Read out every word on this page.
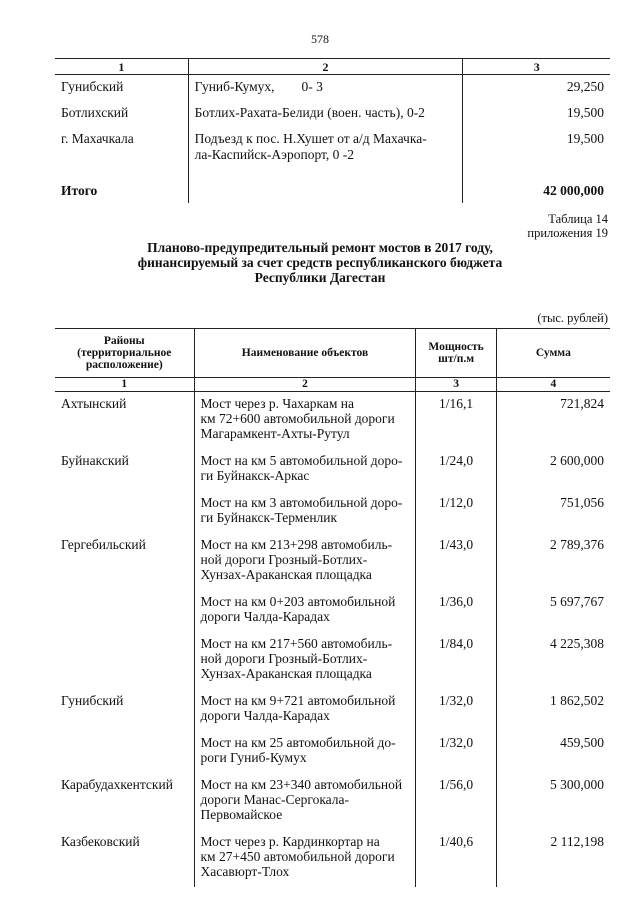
578
1	2	3
Гунибский	Гуниб-Кумух,        0- 3	29,250
Ботлихский	Ботлих-Рахата-Белиди (воен. часть), 0-2	19,500
г. Махачкала	Подъезд к пос. Н.Хушет от а/д Махачка-
ла-Каспийск-Аэропорт, 0 -2	19,500
Итого		42 000,000
Таблица 14
приложения 19
Планово-предупредительный ремонт мостов в 2017 году,
финансируемый за счет средств республиканского бюджета
Республики Дагестан
(тыс. рублей)
Районы
(территориальное
расположение)	Наименование объектов	Мощность
шт/п.м	Сумма
1	2	3	4
Ахтынский	Мост через р. Чахаркам на
км 72+600 автомобильной дороги
Магарамкент-Ахты-Рутул	1/16,1	721,824
Буйнакский	Мост на км 5 автомобильной доро-
ги Буйнакск-Аркас	1/24,0	2 600,000
	Мост на км 3 автомобильной доро-
ги Буйнакск-Терменлик	1/12,0	751,056
Гергебильский	Мост на км 213+298 автомобиль-
ной дороги Грозный-Ботлих-
Хунзах-Араканская площадка	1/43,0	2 789,376
	Мост на км 0+203 автомобильной
дороги Чалда-Карадах	1/36,0	5 697,767
	Мост на км 217+560 автомобиль-
ной дороги Грозный-Ботлих-
Хунзах-Араканская площадка	1/84,0	4 225,308
Гунибский	Мост на км 9+721 автомобильной
дороги Чалда-Карадах	1/32,0	1 862,502
	Мост на км 25 автомобильной до-
роги Гуниб-Кумух	1/32,0	459,500
Карабудахкентский	Мост на км 23+340 автомобильной
дороги Манас-Сергокала-
Первомайское	1/56,0	5 300,000
Казбековский	Мост через р. Кардинкортар на
км 27+450 автомобильной дороги
Хасавюрт-Тлох	1/40,6	2 112,198
